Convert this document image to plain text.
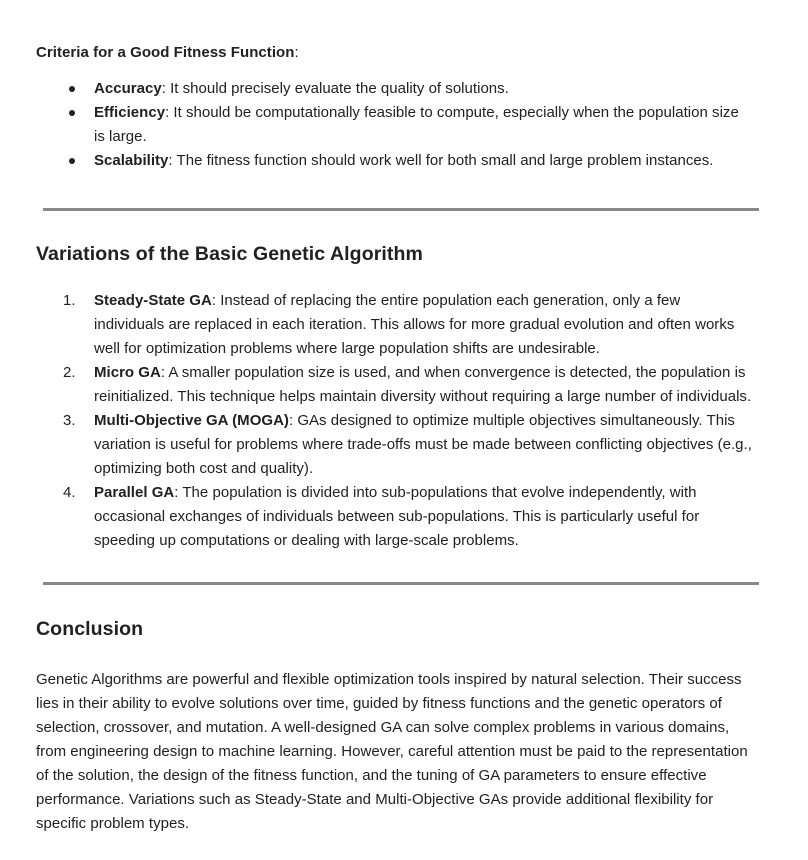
Criteria for a Good Fitness Function:

Accuracy: It should precisely evaluate the quality of solutions.
Efficiency: It should be computationally feasible to compute, especially when the population size is large.
Scalability: The fitness function should work well for both small and large problem instances.
Variations of the Basic Genetic Algorithm
Steady-State GA: Instead of replacing the entire population each generation, only a few individuals are replaced in each iteration. This allows for more gradual evolution and often works well for optimization problems where large population shifts are undesirable.
Micro GA: A smaller population size is used, and when convergence is detected, the population is reinitialized. This technique helps maintain diversity without requiring a large number of individuals.
Multi-Objective GA (MOGA): GAs designed to optimize multiple objectives simultaneously. This variation is useful for problems where trade-offs must be made between conflicting objectives (e.g., optimizing both cost and quality).
Parallel GA: The population is divided into sub-populations that evolve independently, with occasional exchanges of individuals between sub-populations. This is particularly useful for speeding up computations or dealing with large-scale problems.
Conclusion

Genetic Algorithms are powerful and flexible optimization tools inspired by natural selection. Their success lies in their ability to evolve solutions over time, guided by fitness functions and the genetic operators of selection, crossover, and mutation. A well-designed GA can solve complex problems in various domains, from engineering design to machine learning. However, careful attention must be paid to the representation of the solution, the design of the fitness function, and the tuning of GA parameters to ensure effective performance. Variations such as Steady-State and Multi-Objective GAs provide additional flexibility for specific problem types.
